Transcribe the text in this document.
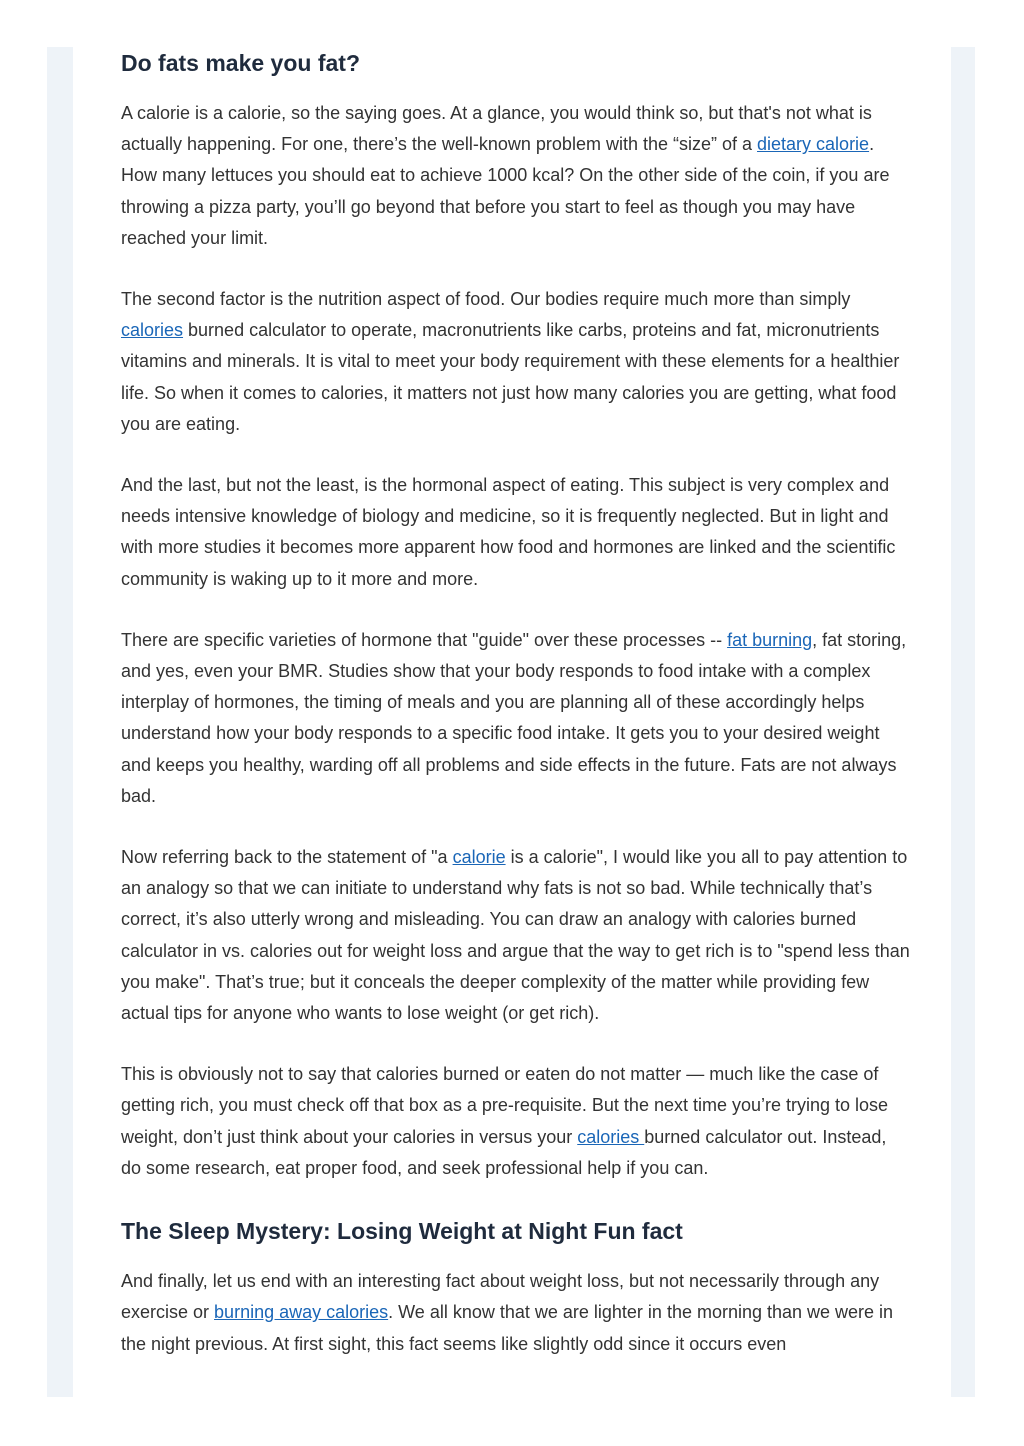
Do fats make you fat?

A calorie is a calorie, so the saying goes. At a glance, you would think so, but that's not what is actually happening. For one, there’s the well-known problem with the “size” of a dietary calorie. How many lettuces you should eat to achieve 1000 kcal? On the other side of the coin, if you are throwing a pizza party, you’ll go beyond that before you start to feel as though you may have reached your limit.

The second factor is the nutrition aspect of food. Our bodies require much more than simply calories burned calculator to operate, macronutrients like carbs, proteins and fat, micronutrients vitamins and minerals. It is vital to meet your body requirement with these elements for a healthier life. So when it comes to calories, it matters not just how many calories you are getting, what food you are eating.

And the last, but not the least, is the hormonal aspect of eating. This subject is very complex and needs intensive knowledge of biology and medicine, so it is frequently neglected. But in light and with more studies it becomes more apparent how food and hormones are linked and the scientific community is waking up to it more and more.

There are specific varieties of hormone that "guide" over these processes -- fat burning, fat storing, and yes, even your BMR. Studies show that your body responds to food intake with a complex interplay of hormones, the timing of meals and you are planning all of these accordingly helps understand how your body responds to a specific food intake. It gets you to your desired weight and keeps you healthy, warding off all problems and side effects in the future. Fats are not always bad.

Now referring back to the statement of "a calorie is a calorie", I would like you all to pay attention to an analogy so that we can initiate to understand why fats is not so bad. While technically that’s correct, it’s also utterly wrong and misleading. You can draw an analogy with calories burned calculator in vs. calories out for weight loss and argue that the way to get rich is to "spend less than you make". That’s true; but it conceals the deeper complexity of the matter while providing few actual tips for anyone who wants to lose weight (or get rich).

This is obviously not to say that calories burned or eaten do not matter — much like the case of getting rich, you must check off that box as a pre-requisite. But the next time you’re trying to lose weight, don’t just think about your calories in versus your calories burned calculator out. Instead, do some research, eat proper food, and seek professional help if you can.

The Sleep Mystery: Losing Weight at Night Fun fact

And finally, let us end with an interesting fact about weight loss, but not necessarily through any exercise or burning away calories. We all know that we are lighter in the morning than we were in the night previous. At first sight, this fact seems like slightly odd since it occurs even
